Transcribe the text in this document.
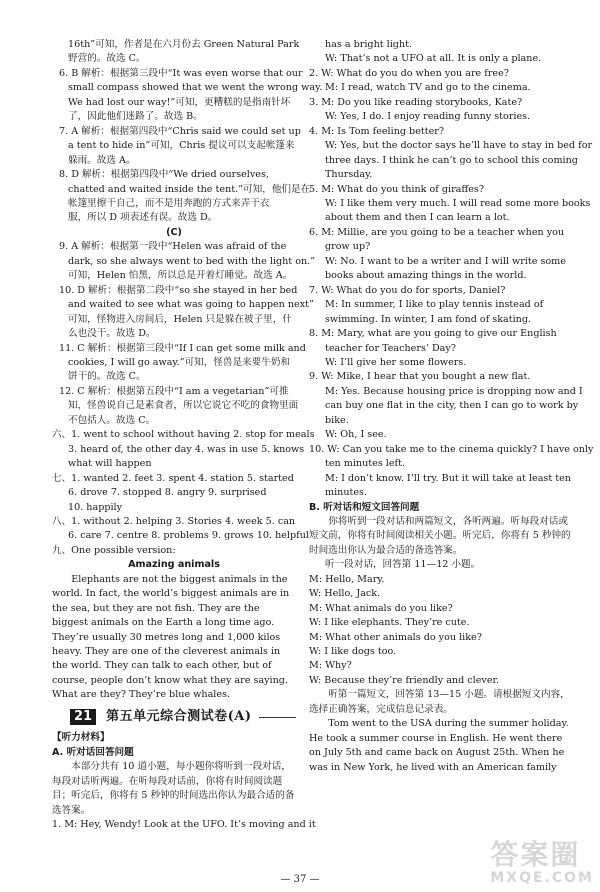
16th”可知，作者是在六月份去 Green Natural Park

野营的。故选 C。

6. B 解析：根据第三段中“It was even worse that our

small compass showed that we went the wrong way.

We had lost our way!”可知，更糟糕的是指南针坏

了，因此他们迷路了。故选 B。

7. A 解析：根据第四段中“Chris said we could set up

a tent to hide in”可知，Chris 提议可以支起帐篷来

躲雨。故选 A。

8. D 解析：根据第四段中“We dried ourselves,

chatted and waited inside the tent.”可知，他们是在

帐篷里擦干自己，而不是用奔跑的方式来弄干衣

服，所以 D 项表述有误。故选 D。

(C)

9. A 解析：根据第一段中“Helen was afraid of the

dark, so she always went to bed with the light on.”

可知，Helen 怕黑，所以总是开着灯睡觉。故选 A。

10. D 解析：根据第二段中“so she stayed in her bed

and waited to see what was going to happen next”

可知，怪物进入房间后，Helen 只是躲在被子里，什

么也没干。故选 D。

11. C 解析：根据第三段中“If I can get some milk and

cookies, I will go away.”可知，怪兽是来要牛奶和

饼干的。故选 C。

12. C 解析：根据第五段中“I am a vegetarian”可推

知，怪兽说自己是素食者，所以它说它不吃的食物里面

不包括人。故选 C。

六、1. went to school without having 2. stop for meals

3. heard of, the other day 4. was in use 5. knows

what will happen

七、1. wanted 2. feet 3. spent 4. station 5. started

6. drove 7. stopped 8. angry 9. surprised

10. happily

八、1. without 2. helping 3. Stories 4. week 5. can

6. care 7. centre 8. problems 9. grows 10. helpful

九、One possible version:

Amazing animals

Elephants are not the biggest animals in the world. In fact, the world’s biggest animals are in the sea, but they are not fish. They are the biggest animals on the Earth a long time ago. They’re usually 30 metres long and 1,000 kilos heavy. They are one of the cleverest animals in the world. They can talk to each other, but of course, people don’t know what they are saying. What are they? They’re blue whales.

21	第五单元综合测试卷(A)

【听力材料】

A. 听对话回答问题

本部分共有 10 道小题，每小题你将听到一段对话，每段对话听两遍。在听每段对话前，你将有时间阅读题目；听完后，你将有 5 秒钟的时间选出你认为最合适的备选答案。

1. M: Hey, Wendy! Look at the UFO. It’s moving and it

has a bright light.

W: That’s not a UFO at all. It is only a plane.

2. W: What do you do when you are free?

M: I read, watch TV and go to the cinema.

3. M: Do you like reading storybooks, Kate?

W: Yes, I do. I enjoy reading funny stories.

4. M: Is Tom feeling better?

W: Yes, but the doctor says he’ll have to stay in bed for

three days. I think he can’t go to school this coming

Thursday.

5. M: What do you think of giraffes?

W: I like them very much. I will read some more books

about them and then I can learn a lot.

6. M: Millie, are you going to be a teacher when you

grow up?

W: No. I want to be a writer and I will write some

books about amazing things in the world.

7. W: What do you do for sports, Daniel?

M: In summer, I like to play tennis instead of

swimming. In winter, I am fond of skating.

8. M: Mary, what are you going to give our English

teacher for Teachers’ Day?

W: I’ll give her some flowers.

9. W: Mike, I hear that you bought a new flat.

M: Yes. Because housing price is dropping now and I

can buy one flat in the city, then I can go to work by

bike.

W: Oh, I see.

10. W: Can you take me to the cinema quickly? I have only

ten minutes left.

M: I don’t know. I’ll try. But it will take at least ten

minutes.

B. 听对话和短文回答问题

你将听到一段对话和两篇短文，各听两遍。听每段对话或短文前，你将有时间阅读相关小题。听完后，你将有 5 秒钟的时间选出你认为最合适的备选答案。

听一段对话，回答第 11—12 小题。

M: Hello, Mary.

W: Hello, Jack.

M: What animals do you like?

W: I like elephants. They’re cute.

M: What other animals do you like?

W: I like dogs too.

M: Why?

W: Because they’re friendly and clever.

听第一篇短文，回答第 13—15 小题。请根据短文内容，选择正确答案，完成信息记录表。

Tom went to the USA during the summer holiday. He took a summer course in English. He went there on July 5th and came back on August 25th. When he was in New York, he lived with an American family

— 37 —
答案圈
MXQE.COM
